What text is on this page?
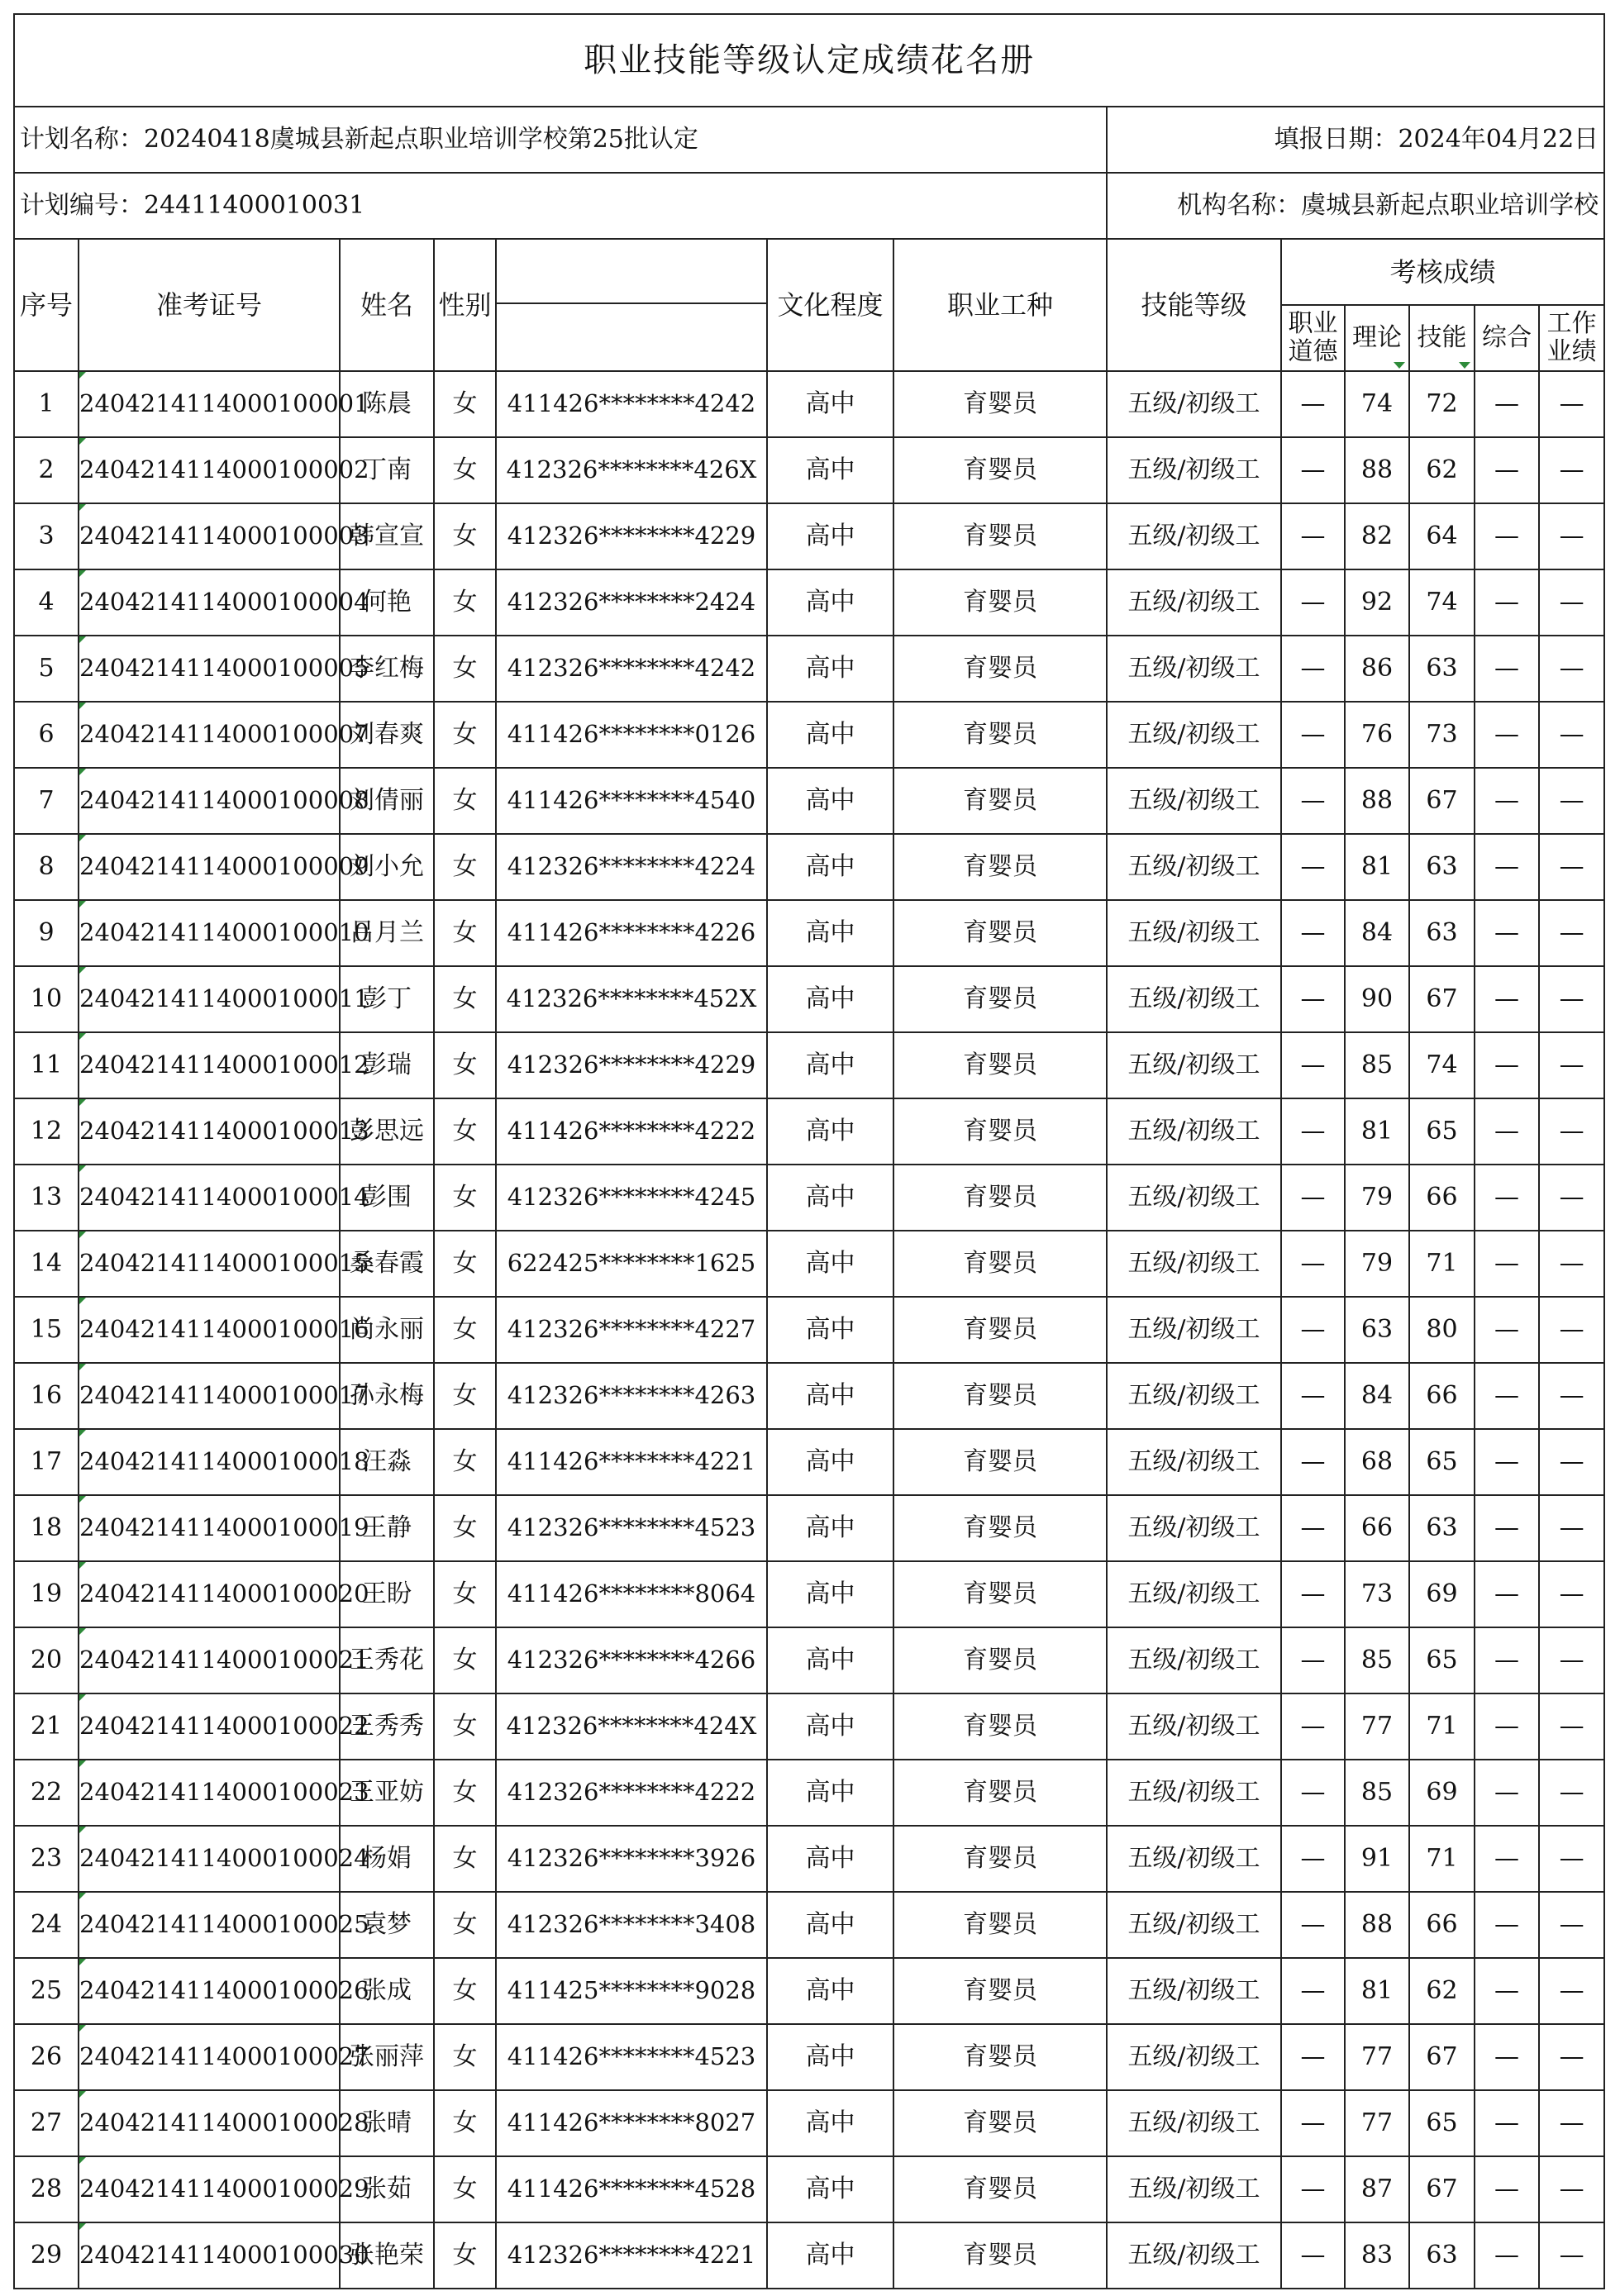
职业技能等级认定成绩花名册												
计划名称：20240418虞城县新起点职业培训学校第25批认定							填报日期：2024年04月22日					
计划编号：24411400010031							机构名称：虞城县新起点职业培训学校					
序号	准考证号	姓名	性别		文化程度	职业工种	技能等级	考核成绩				
								职业道德	理论	技能	综合	工作业绩
1	2404214114000100001	陈晨	女	411426********4242	高中	育婴员	五级/初级工	—	74	72	—	—
2	2404214114000100002	丁南	女	412326********426X	高中	育婴员	五级/初级工	—	88	62	—	—
3	2404214114000100003	韩宣宣	女	412326********4229	高中	育婴员	五级/初级工	—	82	64	—	—
4	2404214114000100004	何艳	女	412326********2424	高中	育婴员	五级/初级工	—	92	74	—	—
5	2404214114000100005	李红梅	女	412326********4242	高中	育婴员	五级/初级工	—	86	63	—	—
6	2404214114000100007	刘春爽	女	411426********0126	高中	育婴员	五级/初级工	—	76	73	—	—
7	2404214114000100008	刘倩丽	女	411426********4540	高中	育婴员	五级/初级工	—	88	67	—	—
8	2404214114000100009	刘小允	女	412326********4224	高中	育婴员	五级/初级工	—	81	63	—	—
9	2404214114000100010	吕月兰	女	411426********4226	高中	育婴员	五级/初级工	—	84	63	—	—
10	2404214114000100011	彭丁	女	412326********452X	高中	育婴员	五级/初级工	—	90	67	—	—
11	2404214114000100012	彭瑞	女	412326********4229	高中	育婴员	五级/初级工	—	85	74	—	—
12	2404214114000100013	彭思远	女	411426********4222	高中	育婴员	五级/初级工	—	81	65	—	—
13	2404214114000100014	彭围	女	412326********4245	高中	育婴员	五级/初级工	—	79	66	—	—
14	2404214114000100015	桑春霞	女	622425********1625	高中	育婴员	五级/初级工	—	79	71	—	—
15	2404214114000100016	尚永丽	女	412326********4227	高中	育婴员	五级/初级工	—	63	80	—	—
16	2404214114000100017	孙永梅	女	412326********4263	高中	育婴员	五级/初级工	—	84	66	—	—
17	2404214114000100018	汪淼	女	411426********4221	高中	育婴员	五级/初级工	—	68	65	—	—
18	2404214114000100019	王静	女	412326********4523	高中	育婴员	五级/初级工	—	66	63	—	—
19	2404214114000100020	王盼	女	411426********8064	高中	育婴员	五级/初级工	—	73	69	—	—
20	2404214114000100021	王秀花	女	412326********4266	高中	育婴员	五级/初级工	—	85	65	—	—
21	2404214114000100022	王秀秀	女	412326********424X	高中	育婴员	五级/初级工	—	77	71	—	—
22	2404214114000100023	王亚妨	女	412326********4222	高中	育婴员	五级/初级工	—	85	69	—	—
23	2404214114000100024	杨娟	女	412326********3926	高中	育婴员	五级/初级工	—	91	71	—	—
24	2404214114000100025	袁梦	女	412326********3408	高中	育婴员	五级/初级工	—	88	66	—	—
25	2404214114000100026	张成	女	411425********9028	高中	育婴员	五级/初级工	—	81	62	—	—
26	2404214114000100027	张丽萍	女	411426********4523	高中	育婴员	五级/初级工	—	77	67	—	—
27	2404214114000100028	张晴	女	411426********8027	高中	育婴员	五级/初级工	—	77	65	—	—
28	2404214114000100029	张茹	女	411426********4528	高中	育婴员	五级/初级工	—	87	67	—	—
29	2404214114000100030	张艳荣	女	412326********4221	高中	育婴员	五级/初级工	—	83	63	—	—
